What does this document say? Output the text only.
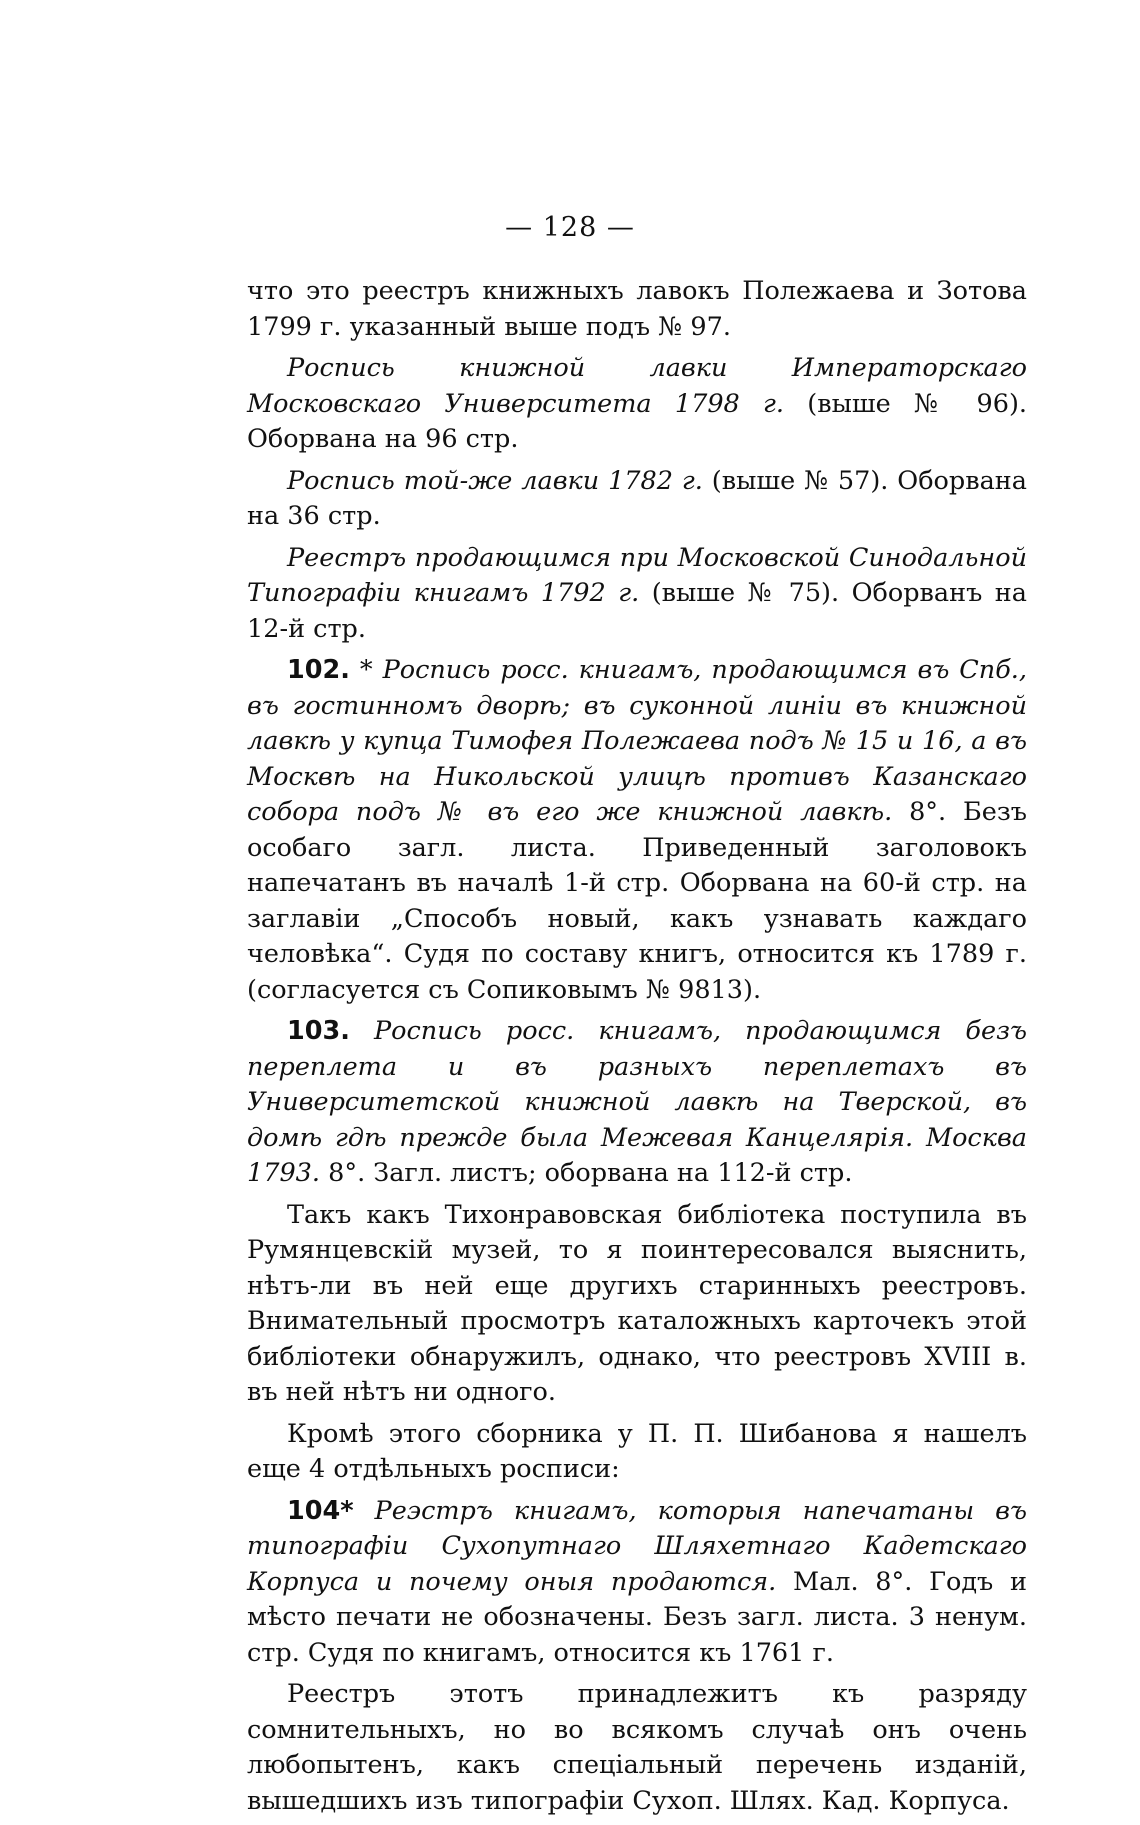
— 128 —

что это реестръ книжныхъ лавокъ Полежаева и Зотова 1799 г. указанный выше подъ № 97.

Роспись книжной лавки Императорскаго Московскаго Университета 1798 г. (выше № 96). Оборвана на 96 стр.

Роспись той-же лавки 1782 г. (выше № 57). Оборвана на 36 стр.

Реестръ продающимся при Московской Синодальной Типографіи книгамъ 1792 г. (выше № 75). Оборванъ на 12-й стр.

102. * Роспись росс. книгамъ, продающимся въ Спб., въ гостинномъ дворѣ; въ суконной линіи въ книжной лавкѣ у купца Тимофея Полежаева подъ № 15 и 16, а въ Москвѣ на Никольской улицѣ противъ Казанскаго собора подъ № въ его же книжной лавкѣ. 8°. Безъ особаго загл. листа. Приведенный заголовокъ напечатанъ въ началѣ 1-й стр. Оборвана на 60-й стр. на заглавіи „Способъ новый, какъ узнавать каждаго человѣка“. Судя по составу книгъ, относится къ 1789 г. (согласуется съ Сопиковымъ № 9813).

103. Роспись росс. книгамъ, продающимся безъ переплета и въ разныхъ переплетахъ въ Университетской книжной лавкѣ на Тверской, въ домѣ гдѣ прежде была Межевая Канцелярія. Москва 1793. 8°. Загл. листъ; оборвана на 112-й стр.

Такъ какъ Тихонравовская библіотека поступила въ Румянцевскій музей, то я поинтересовался выяснить, нѣтъ-ли въ ней еще другихъ старинныхъ реестровъ. Внимательный просмотръ каталожныхъ карточекъ этой библіотеки обнаружилъ, однако, что реестровъ XVIII в. въ ней нѣтъ ни одного.

Кромѣ этого сборника у П. П. Шибанова я нашелъ еще 4 отдѣльныхъ росписи:

104* Реэстръ книгамъ, которыя напечатаны въ типографіи Сухопутнаго Шляхетнаго Кадетскаго Корпуса и почему оныя продаются. Мал. 8°. Годъ и мѣсто печати не обозначены. Безъ загл. листа. 3 ненум. стр. Судя по книгамъ, относится къ 1761 г.

Реестръ этотъ принадлежитъ къ разряду сомнительныхъ, но во всякомъ случаѣ онъ очень любопытенъ, какъ спеціальный перечень изданій, вышедшихъ изъ типографіи Сухоп. Шлях. Кад. Корпуса.
